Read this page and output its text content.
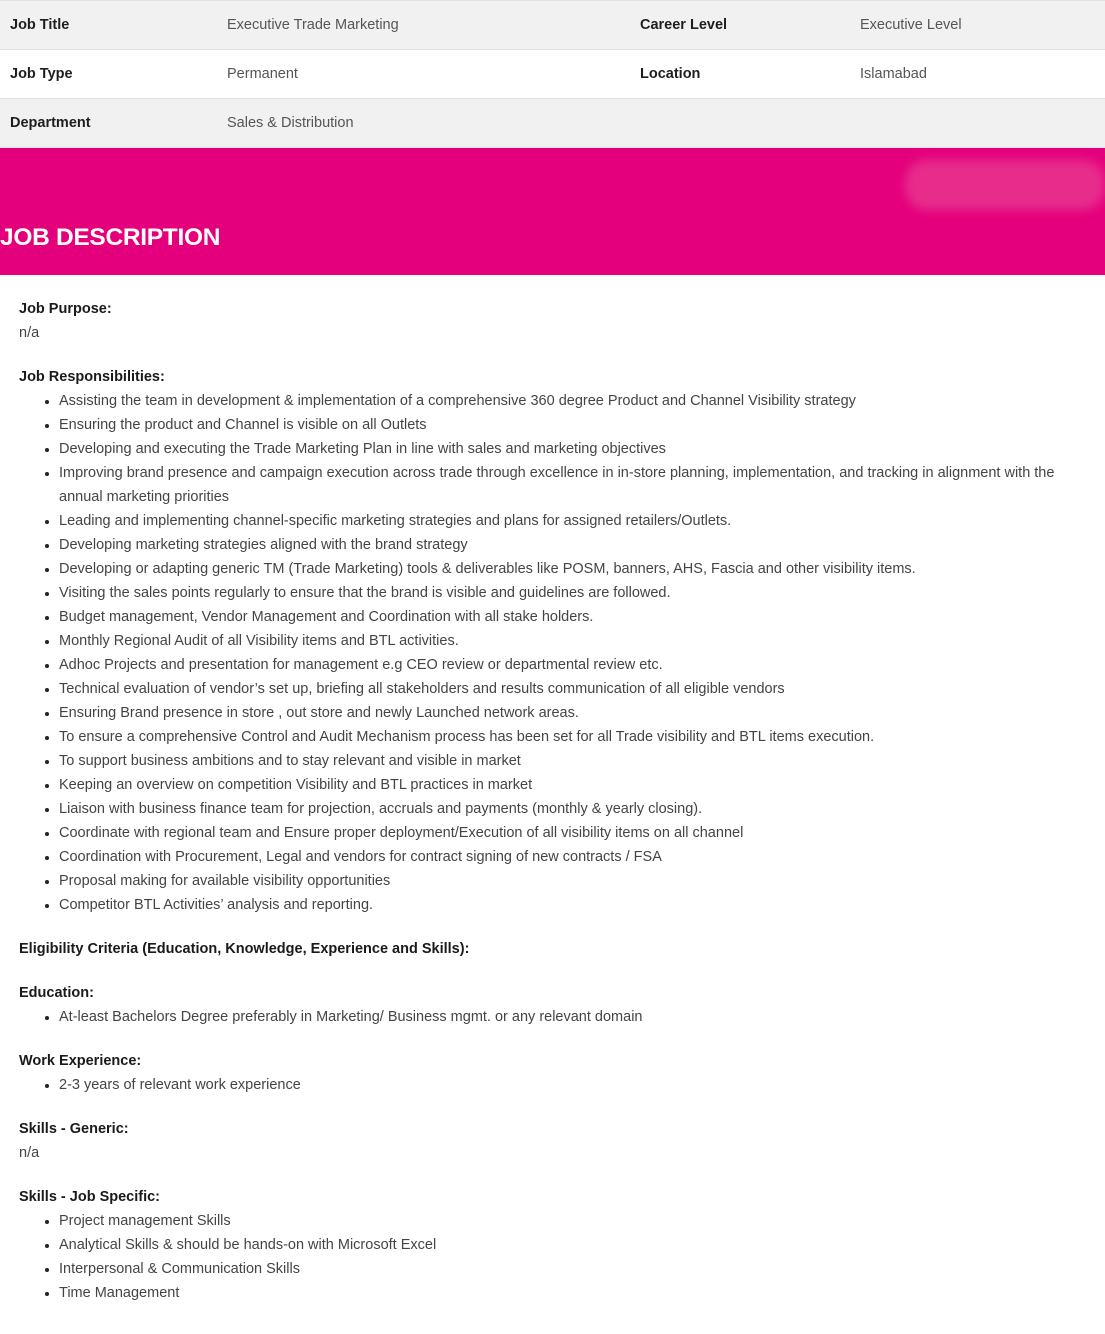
Job Title	Executive Trade Marketing	Career Level	Executive Level
Job Type	Permanent	Location	Islamabad
Department	Sales & Distribution
JOB DESCRIPTION
Job Purpose:
n/a
Job Responsibilities:
• Assisting the team in development & implementation of a comprehensive 360 degree Product and Channel Visibility strategy
• Ensuring the product and Channel is visible on all Outlets
• Developing and executing the Trade Marketing Plan in line with sales and marketing objectives
• Improving brand presence and campaign execution across trade through excellence in in-store planning, implementation, and tracking in alignment with the annual marketing priorities
• Leading and implementing channel-specific marketing strategies and plans for assigned retailers/Outlets.
• Developing marketing strategies aligned with the brand strategy
• Developing or adapting generic TM (Trade Marketing) tools & deliverables like POSM, banners, AHS, Fascia and other visibility items.
• Visiting the sales points regularly to ensure that the brand is visible and guidelines are followed.
• Budget management, Vendor Management and Coordination with all stake holders.
• Monthly Regional Audit of all Visibility items and BTL activities.
• Adhoc Projects and presentation for management e.g CEO review or departmental review etc.
• Technical evaluation of vendor’s set up, briefing all stakeholders and results communication of all eligible vendors
• Ensuring Brand presence in store , out store and newly Launched network areas.
• To ensure a comprehensive Control and Audit Mechanism process has been set for all Trade visibility and BTL items execution.
• To support business ambitions and to stay relevant and visible in market
• Keeping an overview on competition Visibility and BTL practices in market
• Liaison with business finance team for projection, accruals and payments (monthly & yearly closing).
• Coordinate with regional team and Ensure proper deployment/Execution of all visibility items on all channel
• Coordination with Procurement, Legal and vendors for contract signing of new contracts / FSA
• Proposal making for available visibility opportunities
• Competitor BTL Activities’ analysis and reporting.
Eligibility Criteria (Education, Knowledge, Experience and Skills):
Education:
• At-least Bachelors Degree preferably in Marketing/ Business mgmt. or any relevant domain
Work Experience:
• 2-3 years of relevant work experience
Skills - Generic:
n/a
Skills - Job Specific:
• Project management Skills
• Analytical Skills & should be hands-on with Microsoft Excel
• Interpersonal & Communication Skills
• Time Management
